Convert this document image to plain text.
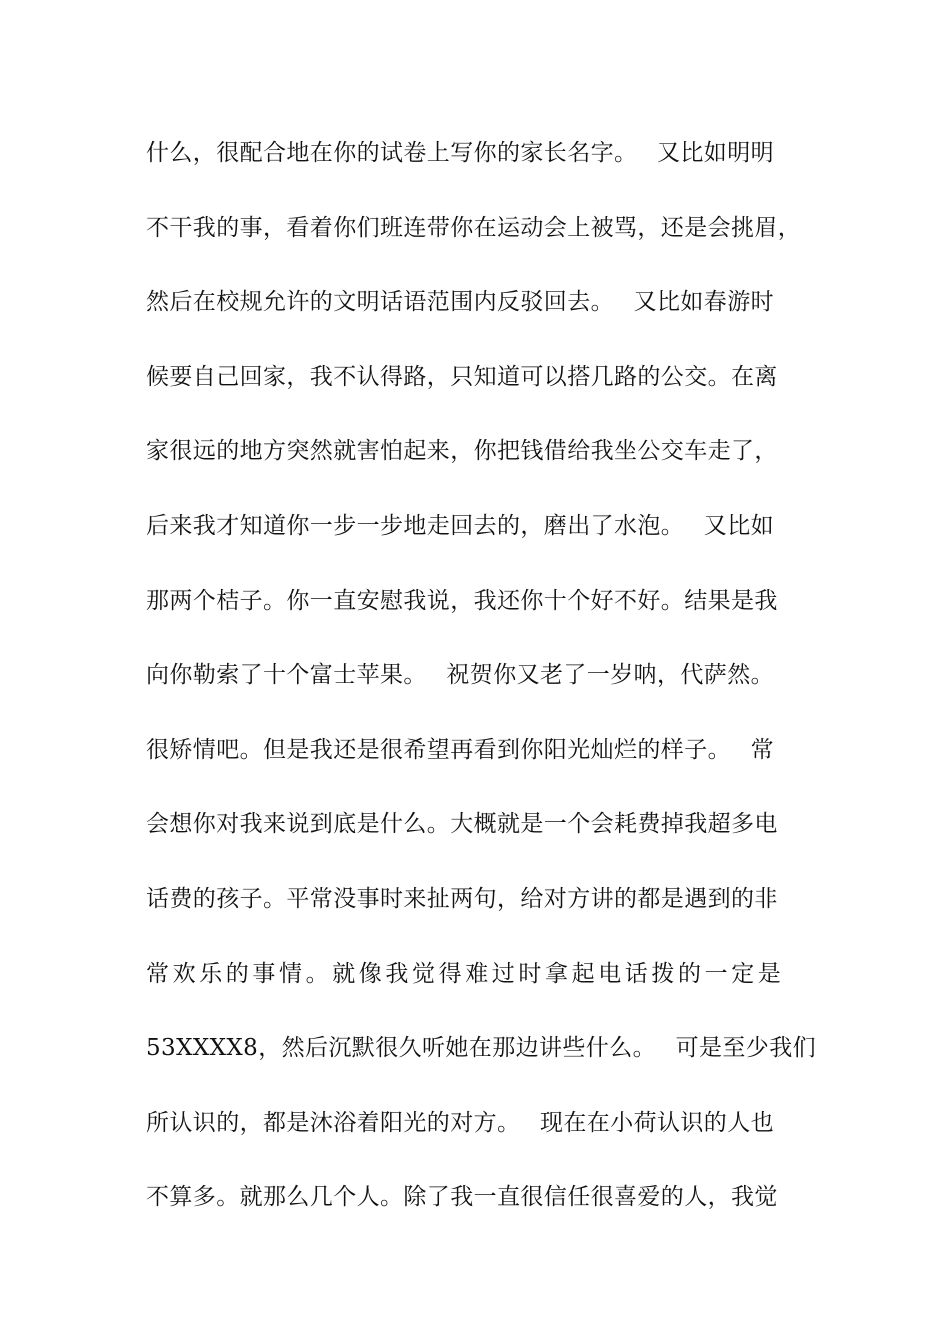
什么，很配合地在你的试卷上写你的家长名字。　 又比如明明
不干我的事，看着你们班连带你在运动会上被骂，还是会挑眉，
然后在校规允许的文明话语范围内反驳回去。　 又比如春游时
候要自己回家，我不认得路，只知道可以搭几路的公交。在离
家很远的地方突然就害怕起来，你把钱借给我坐公交车走了，
后来我才知道你一步一步地走回去的，磨出了水泡。　 又比如
那两个桔子。你一直安慰我说，我还你十个好不好。结果是我
向你勒索了十个富士苹果。　 祝贺你又老了一岁呐，代萨然。
很矫情吧。但是我还是很希望再看到你阳光灿烂的样子。　 常
会想你对我来说到底是什么。大概就是一个会耗费掉我超多电
话费的孩子。平常没事时来扯两句，给对方讲的都是遇到的非
常欢乐的事情。就像我觉得难过时拿起电话拨的一定是
53XXXX8，然后沉默很久听她在那边讲些什么。　 可是至少我们
所认识的，都是沐浴着阳光的对方。　 现在在小荷认识的人也
不算多。就那么几个人。除了我一直很信任很喜爱的人，我觉
